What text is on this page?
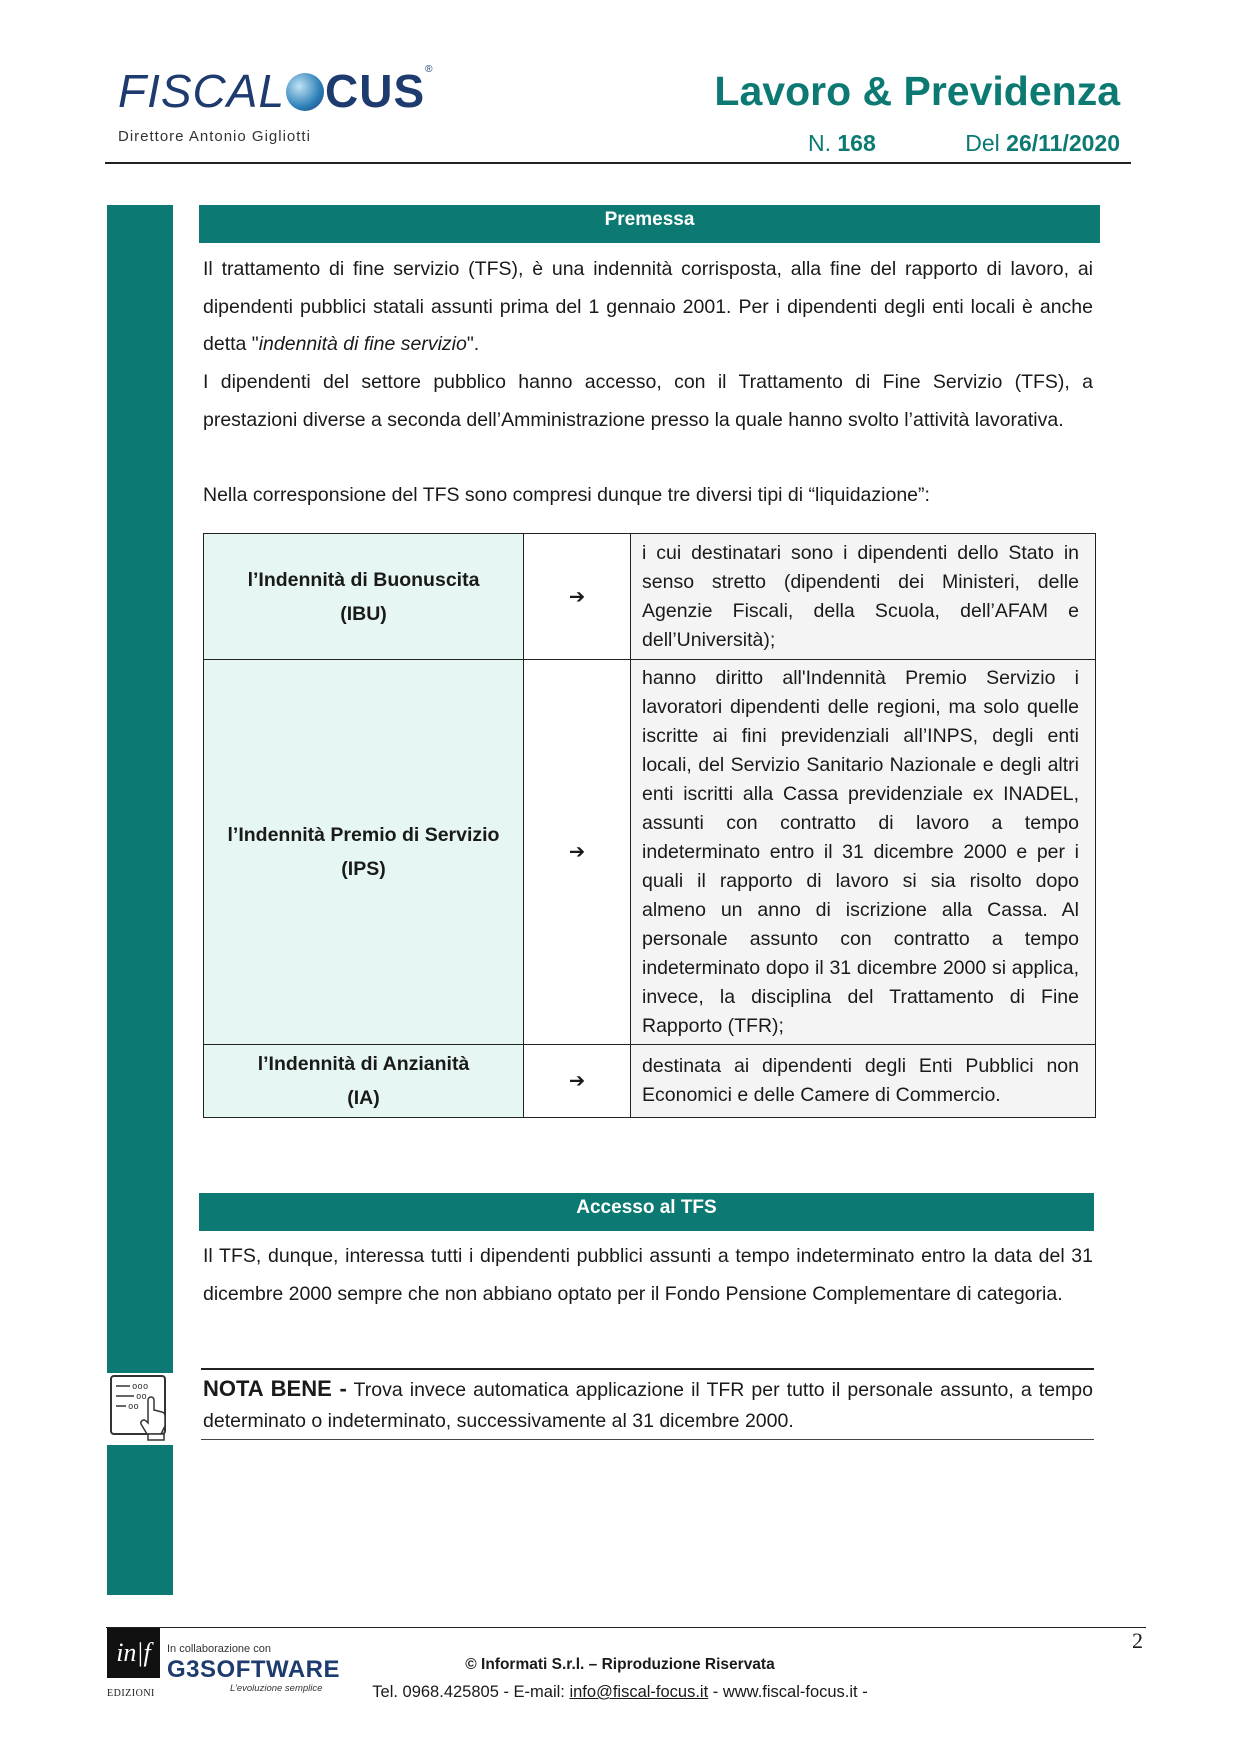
FISCAL CUS®
Direttore Antonio Gigliotti
Lavoro & Previdenza
N. 168	Del 26/11/2020
ooo
oo
oo
Premessa
Il trattamento di fine servizio (TFS), è una indennità corrisposta, alla fine del rapporto di lavoro, ai dipendenti pubblici statali assunti prima del 1 gennaio 2001. Per i dipendenti degli enti locali è anche detta "indennità di fine servizio".
I dipendenti del settore pubblico hanno accesso, con il Trattamento di Fine Servizio (TFS), a prestazioni diverse a seconda dell’Amministrazione presso la quale hanno svolto l’attività lavorativa.
Nella corresponsione del TFS sono compresi dunque tre diversi tipi di “liquidazione”:
l’Indennità di Buonuscita
(IBU)	➔	i cui destinatari sono i dipendenti dello Stato in senso stretto (dipendenti dei Ministeri, delle Agenzie Fiscali, della Scuola, dell’AFAM e dell’Università);
l’Indennità Premio di Servizio
(IPS)	➔	hanno diritto all'Indennità Premio Servizio i lavoratori dipendenti delle regioni, ma solo quelle iscritte ai fini previdenziali all’INPS, degli enti locali, del Servizio Sanitario Nazionale e degli altri enti iscritti alla Cassa previdenziale ex INADEL, assunti con contratto di lavoro a tempo indeterminato entro il 31 dicembre 2000 e per i quali il rapporto di lavoro si sia risolto dopo almeno un anno di iscrizione alla Cassa. Al personale assunto con contratto a tempo indeterminato dopo il 31 dicembre 2000 si applica, invece, la disciplina del Trattamento di Fine Rapporto (TFR);
l’Indennità di Anzianità
(IA)	➔	destinata ai dipendenti degli Enti Pubblici non Economici e delle Camere di Commercio.
Accesso al TFS
Il TFS, dunque, interessa tutti i dipendenti pubblici assunti a tempo indeterminato entro la data del 31 dicembre 2000 sempre che non abbiano optato per il Fondo Pensione Complementare di categoria.
NOTA BENE - Trova invece automatica applicazione il TFR per tutto il personale assunto, a tempo determinato o indeterminato, successivamente al 31 dicembre 2000.
2
in|f
EDIZIONI
In collaborazione con
G3SOFTWARE
L’evoluzione semplice
© Informati S.r.l. – Riproduzione Riservata
Tel. 0968.425805 - E-mail: info@fiscal-focus.it - www.fiscal-focus.it -
